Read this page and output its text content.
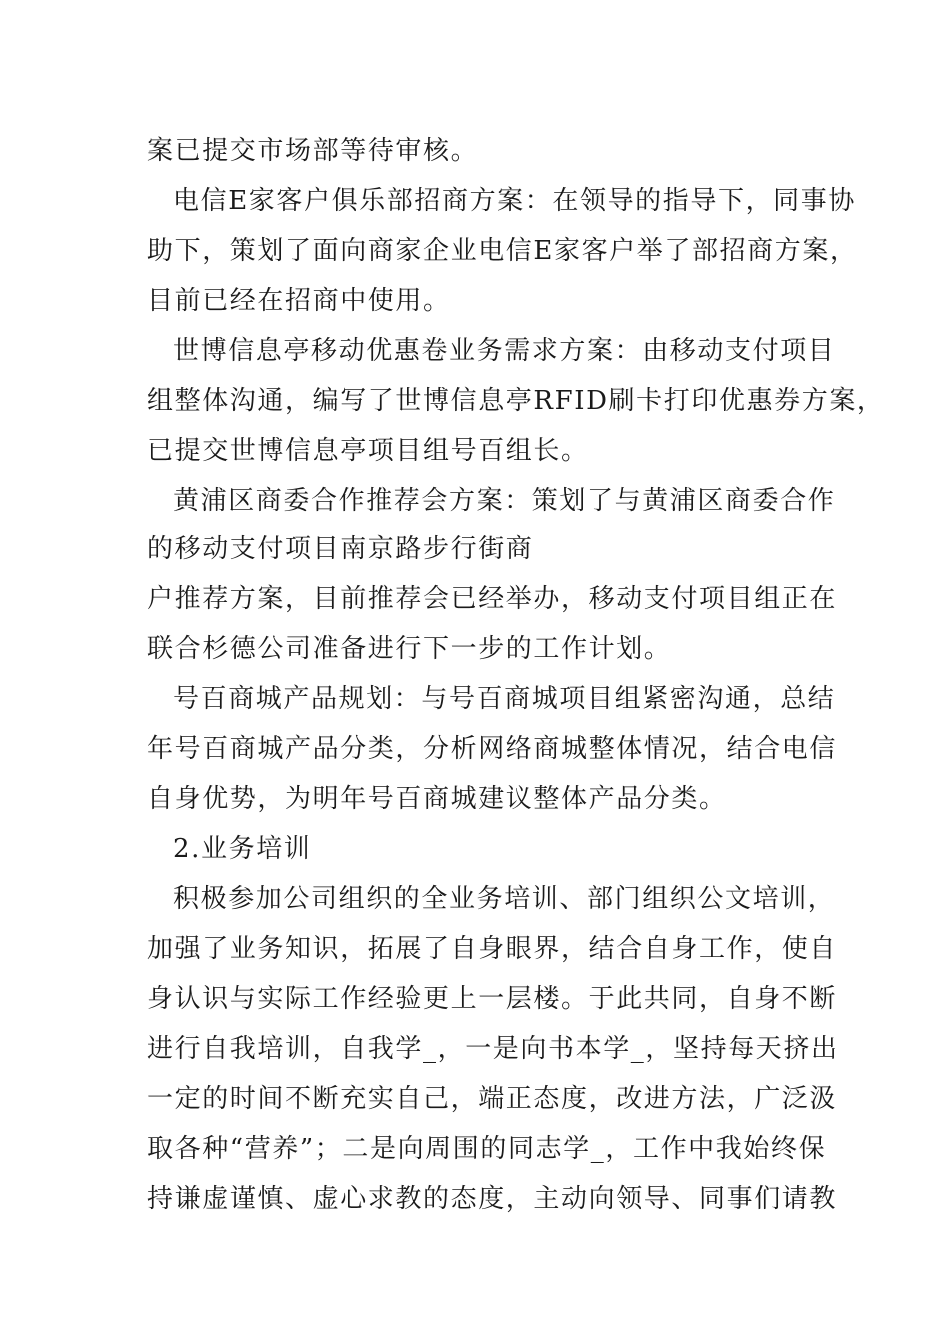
案已提交市场部等待审核。
电信E家客户俱乐部招商方案：在领导的指导下，同事协
助下，策划了面向商家企业电信E家客户举了部招商方案，
目前已经在招商中使用。
世博信息亭移动优惠卷业务需求方案：由移动支付项目
组整体沟通，编写了世博信息亭RFID刷卡打印优惠券方案，
已提交世博信息亭项目组号百组长。
黄浦区商委合作推荐会方案：策划了与黄浦区商委合作
的移动支付项目南京路步行街商
户推荐方案，目前推荐会已经举办，移动支付项目组正在
联合杉德公司准备进行下一步的工作计划。
号百商城产品规划：与号百商城项目组紧密沟通，总结
年号百商城产品分类，分析网络商城整体情况，结合电信
自身优势，为明年号百商城建议整体产品分类。
2.业务培训
积极参加公司组织的全业务培训、部门组织公文培训，
加强了业务知识，拓展了自身眼界，结合自身工作，使自
身认识与实际工作经验更上一层楼。于此共同，自身不断
进行自我培训，自我学_，一是向书本学_，坚持每天挤出
一定的时间不断充实自己，端正态度，改进方法，广泛汲
取各种“营养”；二是向周围的同志学_，工作中我始终保
持谦虚谨慎、虚心求教的态度，主动向领导、同事们请教
